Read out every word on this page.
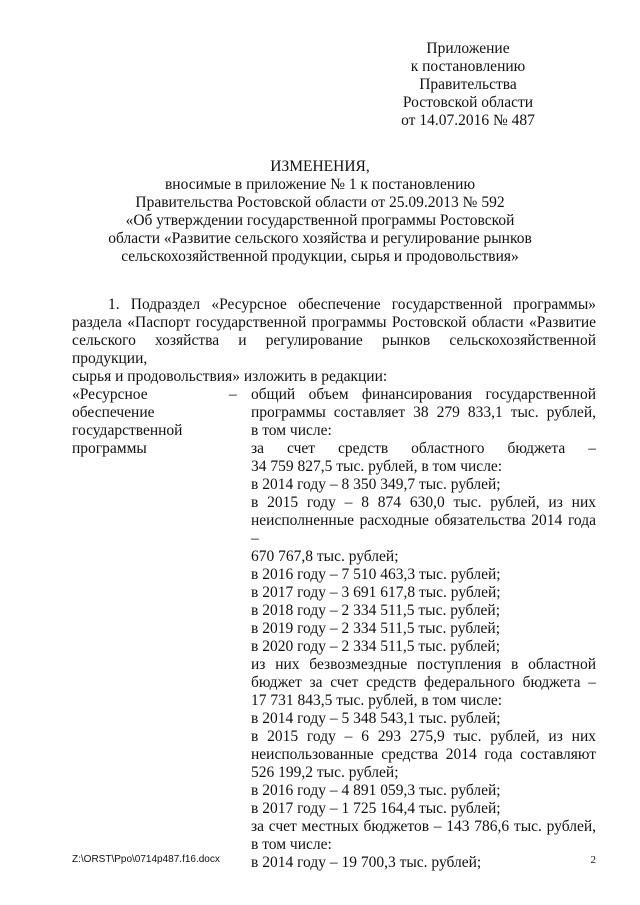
Приложение
к постановлению
Правительства
Ростовской области
от 14.07.2016 № 487
ИЗМЕНЕНИЯ,
вносимые в приложение № 1 к постановлению
Правительства Ростовской области от 25.09.2013 № 592
«Об утверждении государственной программы Ростовской
области «Развитие сельского хозяйства и регулирование рынков
сельскохозяйственной продукции, сырья и продовольствия»
1. Подраздел «Ресурсное обеспечение государственной программы»
раздела «Паспорт государственной программы Ростовской области «Развитие
сельского хозяйства и регулирование рынков сельскохозяйственной продукции,
сырья и продовольствия» изложить в редакции:
«Ресурсное
обеспечение
государственной
программы
– общий объем финансирования государственной
программы составляет 38 279 833,1 тыс. рублей,
в том числе:
за счет средств областного бюджета –
34 759 827,5 тыс. рублей, в том числе:
в 2014 году – 8 350 349,7 тыс. рублей;
в 2015 году – 8 874 630,0 тыс. рублей, из них
неисполненные расходные обязательства 2014 года –
670 767,8 тыс. рублей;
в 2016 году – 7 510 463,3 тыс. рублей;
в 2017 году – 3 691 617,8 тыс. рублей;
в 2018 году – 2 334 511,5 тыс. рублей;
в 2019 году – 2 334 511,5 тыс. рублей;
в 2020 году – 2 334 511,5 тыс. рублей;
из них безвозмездные поступления в областной
бюджет за счет средств федерального бюджета –
17 731 843,5 тыс. рублей, в том числе:
в 2014 году – 5 348 543,1 тыс. рублей;
в 2015 году – 6 293 275,9 тыс. рублей, из них
неиспользованные средства 2014 года составляют
526 199,2 тыс. рублей;
в 2016 году – 4 891 059,3 тыс. рублей;
в 2017 году – 1 725 164,4 тыс. рублей;
за счет местных бюджетов – 143 786,6 тыс. рублей,
в том числе:
в 2014 году – 19 700,3 тыс. рублей;
Z:\ORST\Ppo\0714p487.f16.docx	2
